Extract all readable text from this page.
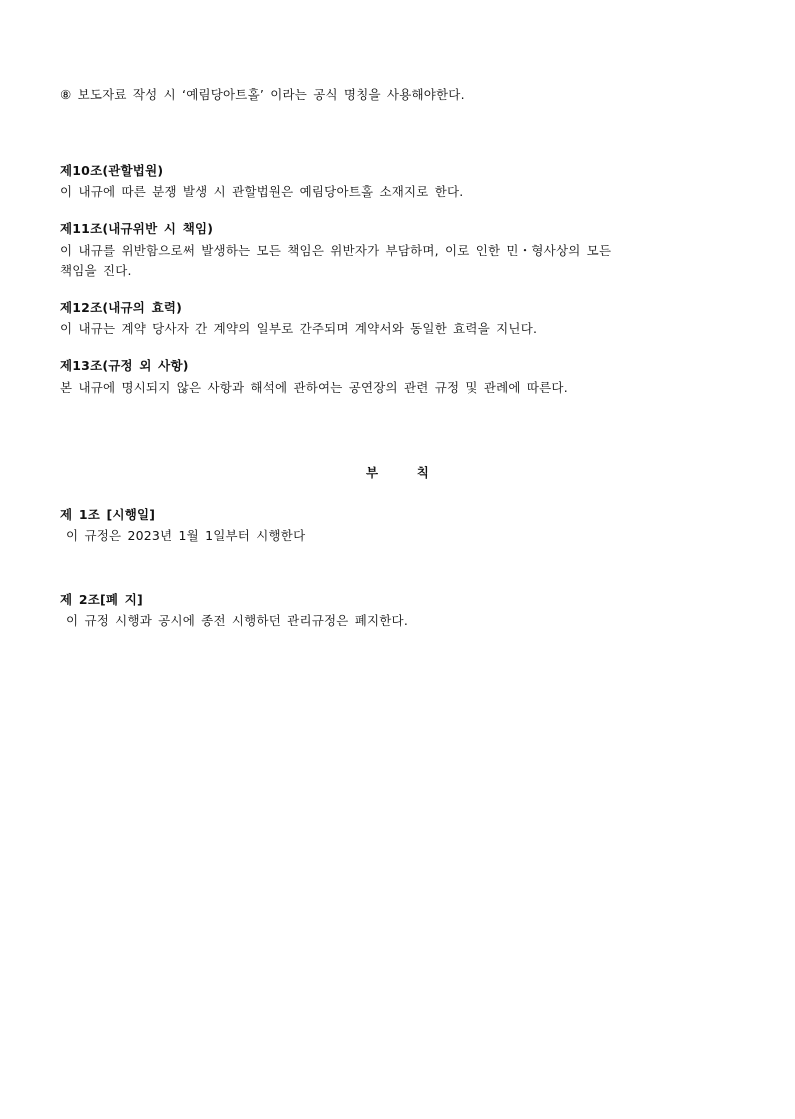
⑧ 보도자료 작성 시 ‘예림당아트홀’ 이라는 공식 명칭을 사용해야한다.
제10조(관할법원)
이 내규에 따른 분쟁 발생 시 관할법원은 예림당아트홀 소재지로 한다.
제11조(내규위반 시 책임)
이 내규를 위반함으로써 발생하는 모든 책임은 위반자가 부담하며, 이로 인한 민・형사상의 모든
책임을 진다.
제12조(내규의 효력)
이 내규는 계약 당사자 간 계약의 일부로 간주되며 계약서와 동일한 효력을 지닌다.
제13조(규정 외 사항)
본 내규에 명시되지 않은 사항과 해석에 관하여는 공연장의 관련 규정 및 관례에 따른다.
부 칙
제 1조 [시행일]
이 규정은 2023년 1월 1일부터 시행한다
제 2조[폐 지]
이 규정 시행과 공시에 종전 시행하던 관리규정은 폐지한다.
